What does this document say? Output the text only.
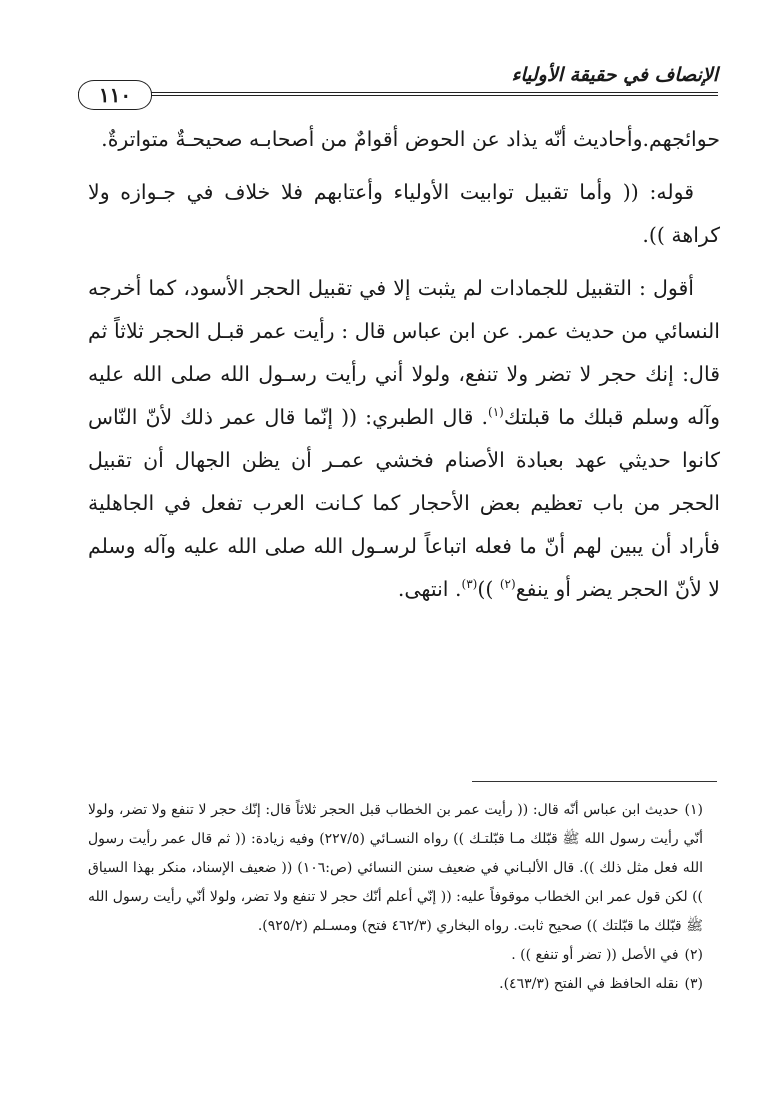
الإنصاف في حقيقة الأولياء
١١٠

حوائجهم.وأحاديث أنّه يذاد عن الحوض أقوامٌ من أصحابـه صحيحـةٌ متواترةٌ.

قوله: (( وأما تقبيل توابيت الأولياء وأعتابهم فلا خلاف في جـوازه ولا كراهة )).

أقول : التقبيل للجمادات لم يثبت إلا في تقبيل الحجر الأسود، كما أخرجه النسائي من حديث عمر. عن ابن عباس قال : رأيت عمر قبـل الحجر ثلاثاً ثم قال: إنك حجر لا تضر ولا تنفع، ولولا أني رأيت رسـول الله صلى الله عليه وآله وسلم قبلك ما قبلتك$^{(١)}$. قال الطبري: (( إنّما قال عمر ذلك لأنّ النّاس كانوا حديثي عهد بعبادة الأصنام فخشي عمـر أن يظن الجهال أن تقبيل الحجر من باب تعظيم بعض الأحجار كما كـانت العرب تفعل في الجاهلية فأراد أن يبين لهم أنّ ما فعله اتباعاً لرسـول الله صلى الله عليه وآله وسلم لا لأنّ الحجر يضر أو ينفع$^{(٢)}$ ))$^{(٣)}$. انتهى.

(١)حديث ابن عباس أنّه قال: (( رأيت عمر بن الخطاب قبل الحجر ثلاثاً قال: إنّك حجر لا تنفع ولا تضر، ولولا أنّي رأيت رسول الله ﷺ قبّلك مـا قبّلتـك )) رواه النسـائي (٢٢٧/٥) وفيه زيادة: (( ثم قال عمر رأيت رسول الله فعل مثل ذلك )). قال الألبـاني في ضعيف سنن النسائي (ص:١٠٦) (( ضعيف الإسناد، منكر بهذا السياق )) لكن قول عمر ابن الخطاب موقوفاً عليه: (( إنّي أعلم أنّك حجر لا تنفع ولا تضر، ولولا أنّي رأيت رسول الله ﷺ قبّلك ما قبّلتك )) صحيح ثابت. رواه البخاري (٤٦٢/٣ فتح) ومسـلم (٩٢٥/٢).

(٢)في الأصل (( تضر أو تنفع )) .

(٣)نقله الحافظ في الفتح (٤٦٣/٣).
